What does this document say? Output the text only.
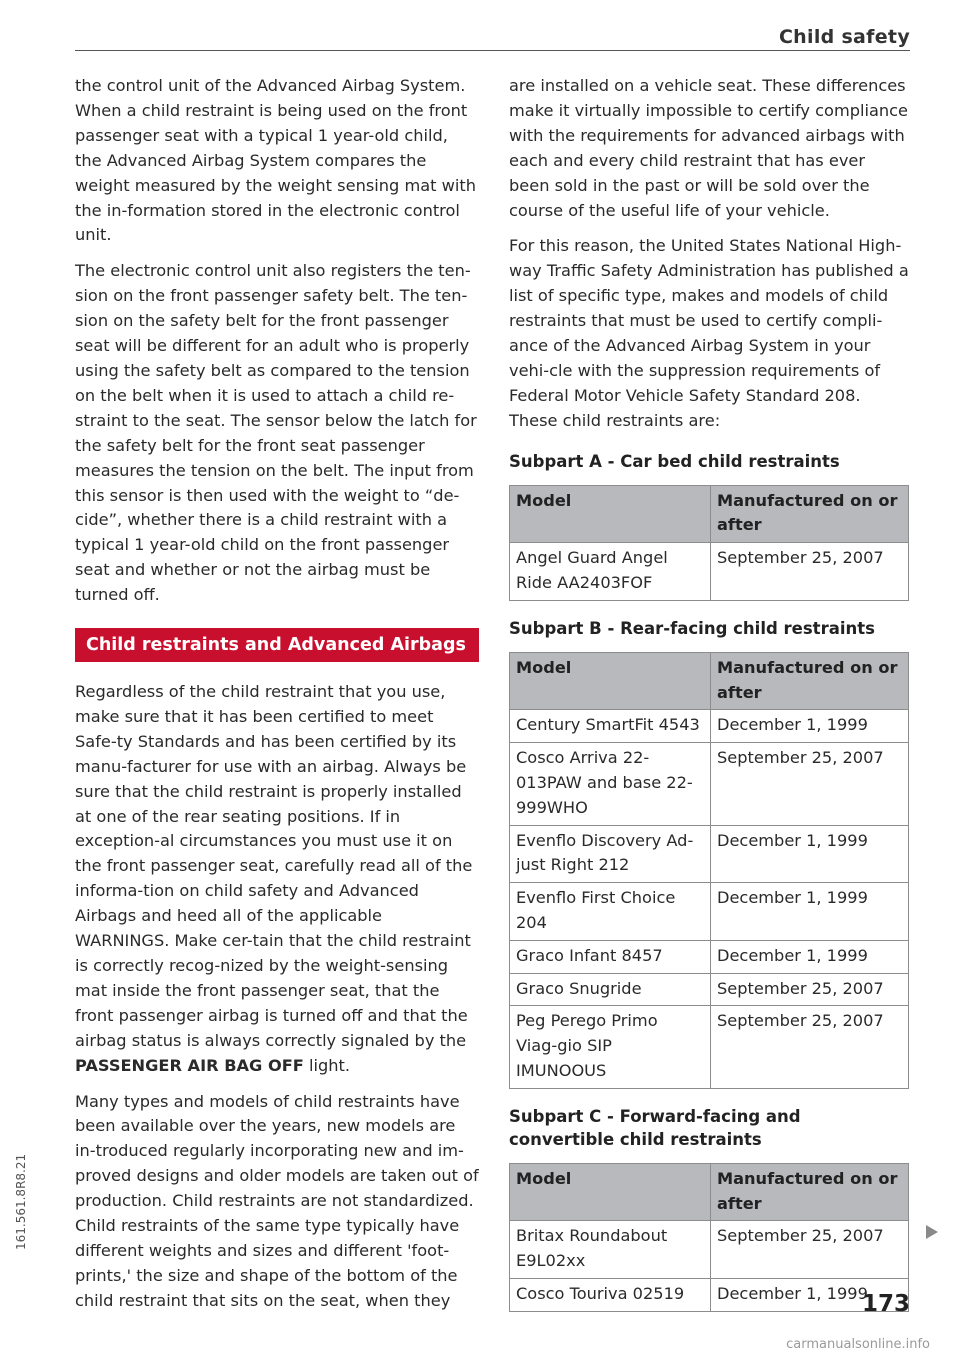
Child safety

the control unit of the Advanced Airbag System. When a child restraint is being used on the front passenger seat with a typical 1 year-old child, the Advanced Airbag System compares the weight measured by the weight sensing mat with the in-formation stored in the electronic control unit.

The electronic control unit also registers the ten-sion on the front passenger safety belt. The ten-sion on the safety belt for the front passenger seat will be different for an adult who is properly using the safety belt as compared to the tension on the belt when it is used to attach a child re-straint to the seat. The sensor below the latch for the safety belt for the front seat passenger measures the tension on the belt. The input from this sensor is then used with the weight to “de-cide”, whether there is a child restraint with a typical 1 year-old child on the front passenger seat and whether or not the airbag must be turned off.

Child restraints and Advanced Airbags

Regardless of the child restraint that you use, make sure that it has been certified to meet Safe-ty Standards and has been certified by its manu-facturer for use with an airbag. Always be sure that the child restraint is properly installed at one of the rear seating positions. If in exception-al circumstances you must use it on the front passenger seat, carefully read all of the informa-tion on child safety and Advanced Airbags and heed all of the applicable WARNINGS. Make cer-tain that the child restraint is correctly recog-nized by the weight-sensing mat inside the front passenger seat, that the front passenger airbag is turned off and that the airbag status is always correctly signaled by the PASSENGER AIR BAG OFF light.

Many types and models of child restraints have been available over the years, new models are in-troduced regularly incorporating new and im-proved designs and older models are taken out of production. Child restraints are not standardized. Child restraints of the same type typically have different weights and sizes and different 'foot-prints,' the size and shape of the bottom of the child restraint that sits on the seat, when they

are installed on a vehicle seat. These differences make it virtually impossible to certify compliance with the requirements for advanced airbags with each and every child restraint that has ever been sold in the past or will be sold over the course of the useful life of your vehicle.

For this reason, the United States National High-way Traffic Safety Administration has published a list of specific type, makes and models of child restraints that must be used to certify compli-ance of the Advanced Airbag System in your vehi-cle with the suppression requirements of Federal Motor Vehicle Safety Standard 208. These child restraints are:

Subpart A - Car bed child restraints
Model	Manufactured on or after
Angel Guard Angel Ride AA2403FOF	September 25, 2007
Subpart B - Rear-facing child restraints
Model	Manufactured on or after
Century SmartFit 4543	December 1, 1999
Cosco Arriva 22-013PAW and base 22-999WHO	September 25, 2007
Evenflo Discovery Ad-just Right 212	December 1, 1999
Evenflo First Choice 204	December 1, 1999
Graco Infant 8457	December 1, 1999
Graco Snugride	September 25, 2007
Peg Perego Primo Viag-gio SIP IMUNOOUS	September 25, 2007
Subpart C - Forward-facing and convertible child restraints
Model	Manufactured on or after
Britax Roundabout E9L02xx	September 25, 2007
Cosco Touriva 02519	December 1, 1999
173
161.561.8R8.21
carmanualsonline.info
